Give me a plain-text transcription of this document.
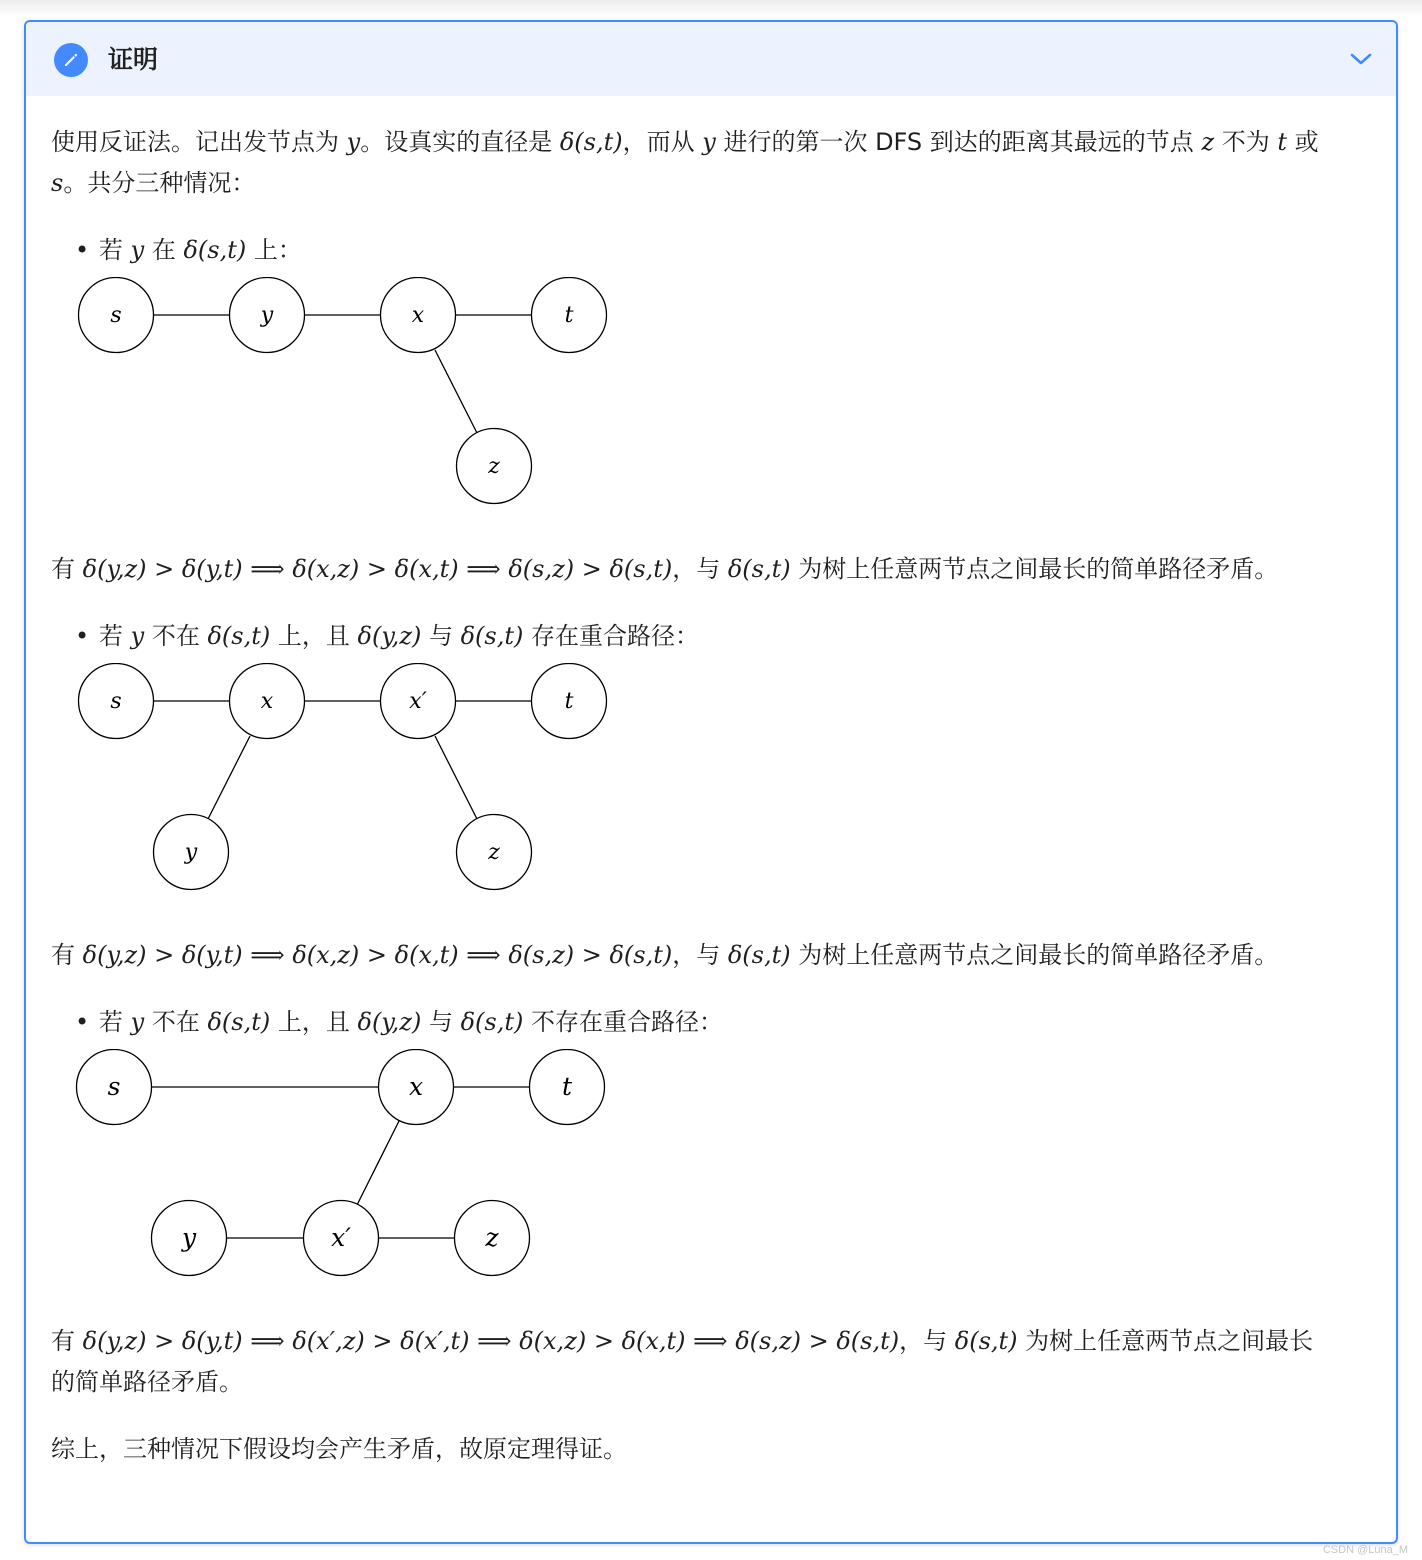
证明

使用反证法。记出发节点为 y。设真实的直径是 δ(s,t)，而从 y 进行的第一次 DFS 到达的距离其最远的节点 z 不为 t 或
s。共分三种情况：

• 若 y 在 δ(s,t) 上：
s	y	x	t
z

有 δ(y,z) > δ(y,t) ⟹ δ(x,z) > δ(x,t) ⟹ δ(s,z) > δ(s,t)，与 δ(s,t) 为树上任意两节点之间最长的简单路径矛盾。

• 若 y 不在 δ(s,t) 上，且 δ(y,z) 与 δ(s,t) 存在重合路径：
s	x	x′	t
y	z

有 δ(y,z) > δ(y,t) ⟹ δ(x,z) > δ(x,t) ⟹ δ(s,z) > δ(s,t)，与 δ(s,t) 为树上任意两节点之间最长的简单路径矛盾。

• 若 y 不在 δ(s,t) 上，且 δ(y,z) 与 δ(s,t) 不存在重合路径：
s	x	t
y	x′	z

有 δ(y,z) > δ(y,t) ⟹ δ(x′,z) > δ(x′,t) ⟹ δ(x,z) > δ(x,t) ⟹ δ(s,z) > δ(s,t)，与 δ(s,t) 为树上任意两节点之间最长
的简单路径矛盾。

综上，三种情况下假设均会产生矛盾，故原定理得证。

CSDN @Luna_M
